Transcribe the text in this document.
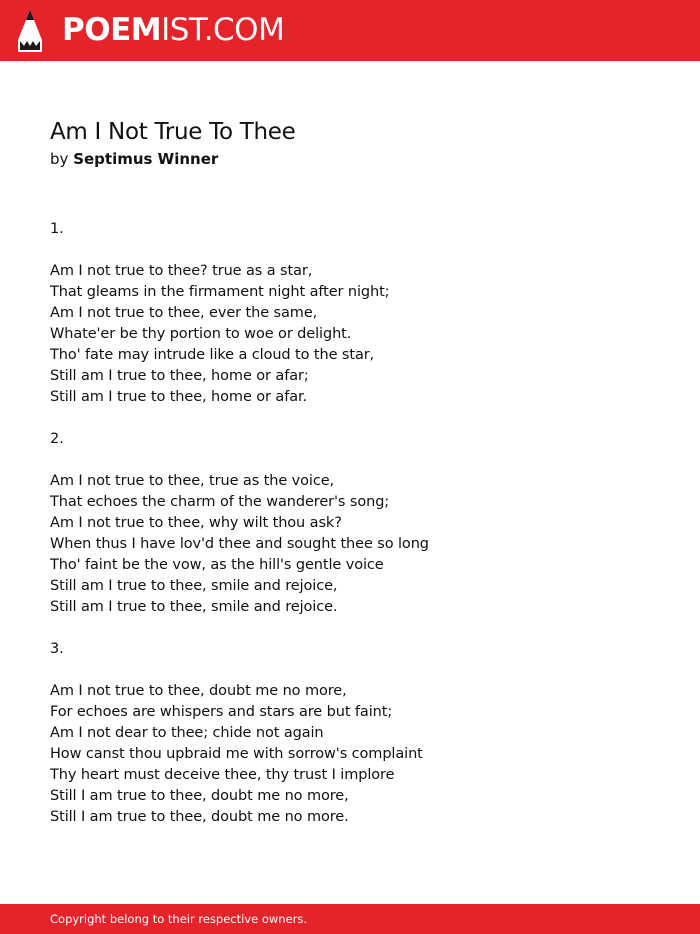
POEMIST.COM
Am I Not True To Thee
by Septimus Winner
1.
Am I not true to thee? true as a star,
That gleams in the firmament night after night;
Am I not true to thee, ever the same,
Whate'er be thy portion to woe or delight.
Tho' fate may intrude like a cloud to the star,
Still am I true to thee, home or afar;
Still am I true to thee, home or afar.
2.
Am I not true to thee, true as the voice,
That echoes the charm of the wanderer's song;
Am I not true to thee, why wilt thou ask?
When thus I have lov'd thee and sought thee so long
Tho' faint be the vow, as the hill's gentle voice
Still am I true to thee, smile and rejoice,
Still am I true to thee, smile and rejoice.
3.
Am I not true to thee, doubt me no more,
For echoes are whispers and stars are but faint;
Am I not dear to thee; chide not again
How canst thou upbraid me with sorrow's complaint
Thy heart must deceive thee, thy trust I implore
Still I am true to thee, doubt me no more,
Still I am true to thee, doubt me no more.
Copyright belong to their respective owners.
